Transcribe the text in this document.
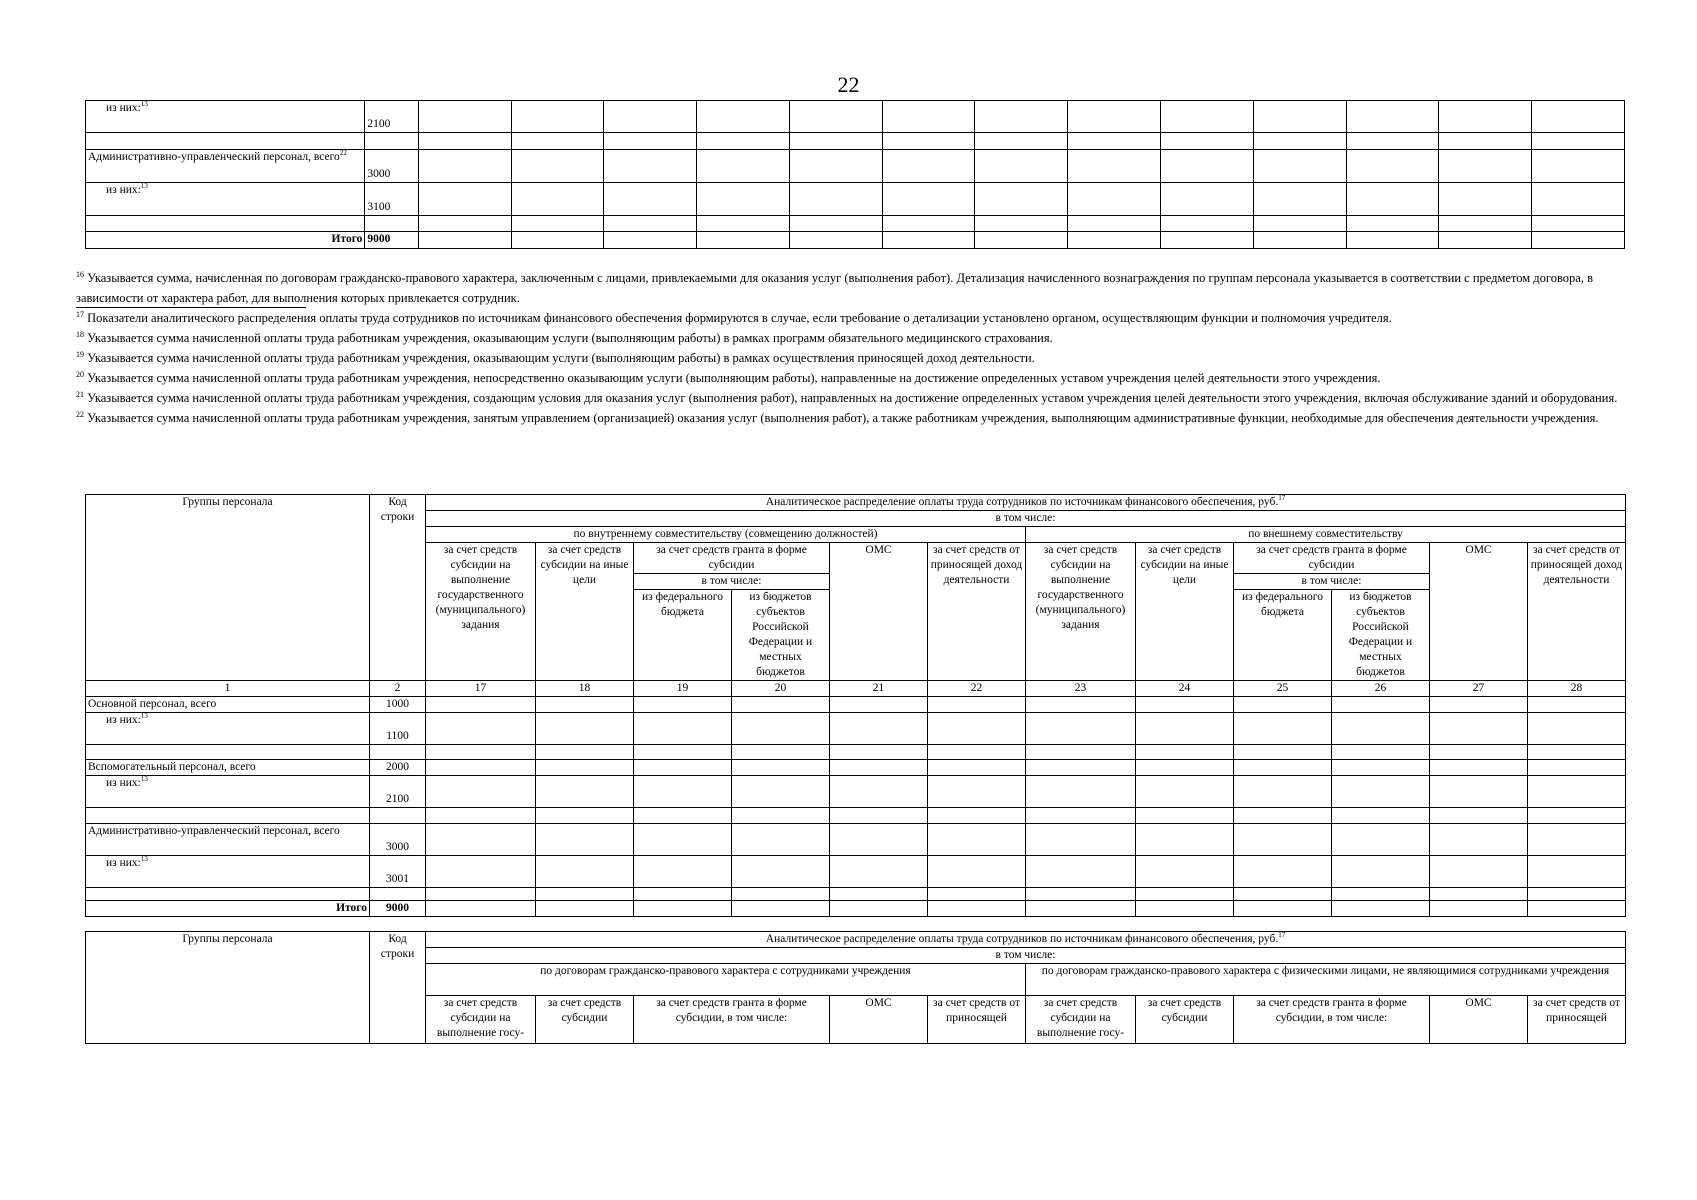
22
из них:$^{13}$	2100													

Административно-управленческий персонал, всего$^{22}$	3000													
из них:$^{13}$	3100													

Итого	9000													

$^{16}$ Указывается сумма, начисленная по договорам гражданско-правового характера, заключенным с лицами, привлекаемыми для оказания услуг (выполнения работ). Детализация начисленного вознаграждения по группам персонала указывается в соответствии с предметом договора, в зависимости от характера работ, для выполнения которых привлекается сотрудник.

$^{17}$ Показатели аналитического распределения оплаты труда сотрудников по источникам финансового обеспечения формируются в случае, если требование о детализации установлено органом, осуществляющим функции и полномочия учредителя.

$^{18}$ Указывается сумма начисленной оплаты труда работникам учреждения, оказывающим услуги (выполняющим работы) в рамках программ обязательного медицинского страхования.

$^{19}$ Указывается сумма начисленной оплаты труда работникам учреждения, оказывающим услуги (выполняющим работы) в рамках осуществления приносящей доход деятельности.

$^{20}$ Указывается сумма начисленной оплаты труда работникам учреждения, непосредственно оказывающим услуги (выполняющим работы), направленные на достижение определенных уставом учреждения целей деятельности этого учреждения.

$^{21}$ Указывается сумма начисленной оплаты труда работникам учреждения, создающим условия для оказания услуг (выполнения работ), направленных на достижение определенных уставом учреждения целей деятельности этого учреждения, включая обслуживание зданий и оборудования.

$^{22}$ Указывается сумма начисленной оплаты труда работникам учреждения, занятым управлением (организацией) оказания услуг (выполнения работ), а также работникам учреждения, выполняющим административные функции, необходимые для обеспечения деятельности учреждения.

Группы персонала	Код строки	Аналитическое распределение оплаты труда сотрудников по источникам финансового обеспечения, руб.$^{17}$
		в том числе:											
		по внутреннему совместительству (совмещению должностей)						по внешнему совместительству					
		за счет средств субсидии на выполнение государственного (муниципального) задания	за счет средств субсидии на иные цели	за счет средств гранта в форме субсидии		ОМС	за счет средств от приносящей доход деятельности	за счет средств субсидии на выполнение государственного (муниципального) задания	за счет средств субсидии на иные цели	за счет средств гранта в форме субсидии		ОМС	за счет средств от приносящей доход деятельности
				в том числе:						в том числе:			
				из федерального бюджета	из бюджетов субъектов Российской Федерации и местных бюджетов					из федерального бюджета	из бюджетов субъектов Российской Федерации и местных бюджетов		
1	2	17	18	19	20	21	22	23	24	25	26	27	28
Основной персонал, всего	1000												
из них:$^{13}$	1100												

Вспомогательный персонал, всего	2000												
из них:$^{13}$	2100												

Административно-управленческий персонал, всего	3000												
из них:$^{13}$	3001												

Итого	9000												
Группы персонала	Код строки	Аналитическое распределение оплаты труда сотрудников по источникам финансового обеспечения, руб.$^{17}$
		в том числе:									
		по договорам гражданско-правового характера с сотрудниками учреждения					по договорам гражданско-правового характера с физическими лицами, не являющимися сотрудниками учреждения				
		за счет средств субсидии на выполнение госу-	за счет средств субсидии	за счет средств гранта в форме субсидии, в том числе:	ОМС	за счет средств от приносящей	за счет средств субсидии на выполнение госу-	за счет средств субсидии	за счет средств гранта в форме субсидии, в том числе:	ОМС	за счет средств от приносящей
